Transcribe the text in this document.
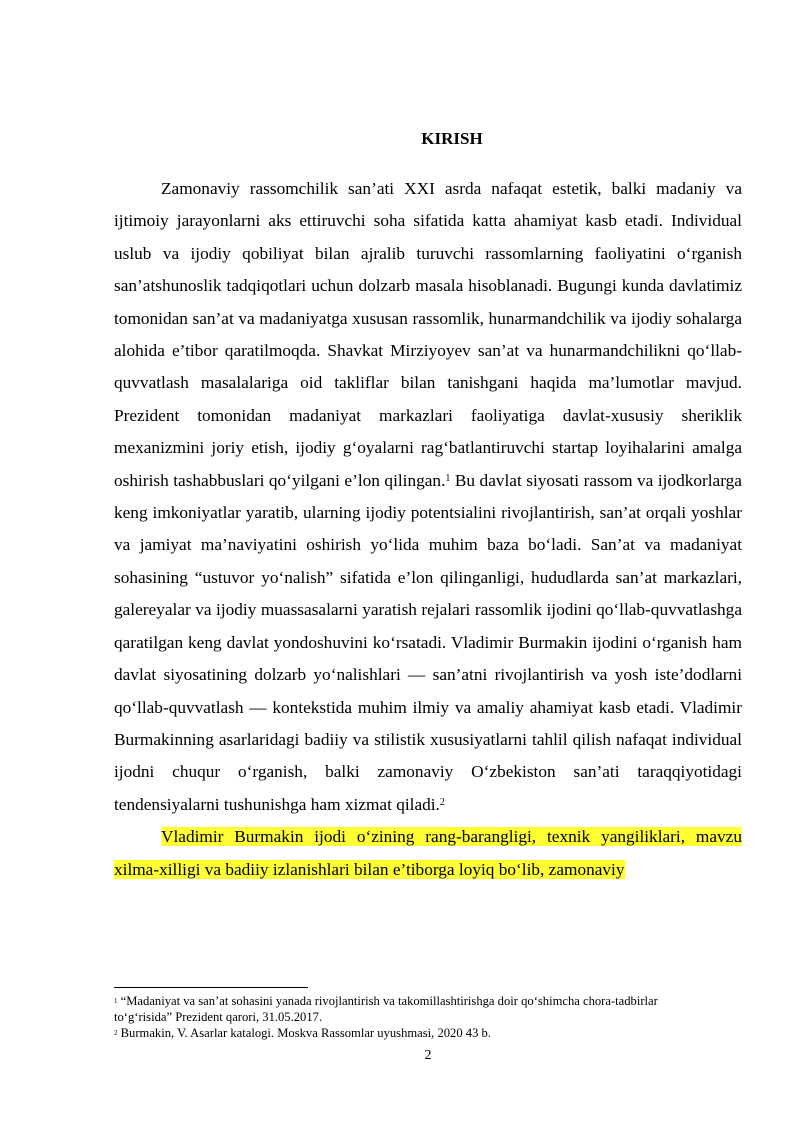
KIRISH

Zamonaviy rassomchilik san’ati XXI asrda nafaqat estetik, balki madaniy va ijtimoiy jarayonlarni aks ettiruvchi soha sifatida katta ahamiyat kasb etadi. Individual uslub va ijodiy qobiliyat bilan ajralib turuvchi rassomlarning faoliyatini o‘rganish san’atshunoslik tadqiqotlari uchun dolzarb masala hisoblanadi. Bugungi kunda davlatimiz tomonidan san’at va madaniyatga xususan rassomlik, hunarmandchilik va ijodiy sohalarga alohida e’tibor qaratilmoqda. Shavkat Mirziyoyev san’at va hunarmandchilikni qo‘llab-quvvatlash masalalariga oid takliflar bilan tanishgani haqida ma’lumotlar mavjud. Prezident tomonidan madaniyat markazlari faoliyatiga davlat-xususiy sheriklik mexanizmini joriy etish, ijodiy g‘oyalarni rag‘batlantiruvchi startap loyihalarini amalga oshirish tashabbuslari qo‘yilgani e’lon qilingan.$^1$ Bu davlat siyosati rassom va ijodkorlarga keng imkoniyatlar yaratib, ularning ijodiy potentsialini rivojlantirish, san’at orqali yoshlar va jamiyat ma’naviyatini oshirish yo‘lida muhim baza bo‘ladi. San’at va madaniyat sohasining “ustuvor yo‘nalish” sifatida e’lon qilinganligi, hududlarda san’at markazlari, galereyalar va ijodiy muassasalarni yaratish rejalari rassomlik ijodini qo‘llab-quvvatlashga qaratilgan keng davlat yondoshuvini ko‘rsatadi. Vladimir Burmakin ijodini o‘rganish ham davlat siyosatining dolzarb yo‘nalishlari — san’atni rivojlantirish va yosh iste’dodlarni qo‘llab-quvvatlash — kontekstida muhim ilmiy va amaliy ahamiyat kasb etadi. Vladimir Burmakinning asarlaridagi badiiy va stilistik xususiyatlarni tahlil qilish nafaqat individual ijodni chuqur o‘rganish, balki zamonaviy O‘zbekiston san’ati taraqqiyotidagi tendensiyalarni tushunishga ham xizmat qiladi.$^2$

Vladimir Burmakin ijodi o‘zining rang-barangligi, texnik yangiliklari, mavzu xilma-xilligi va badiiy izlanishlari bilan e’tiborga loyiq bo‘lib, zamonaviy

$^1$ “Madaniyat va san’at sohasini yanada rivojlantirish va takomillashtirishga doir qo‘shimcha chora-tadbirlar to‘g‘risida” Prezident qarori, 31.05.2017.

$^2$ Burmakin, V. Asarlar katalogi. Moskva Rassomlar uyushmasi, 2020 43 b.

2
